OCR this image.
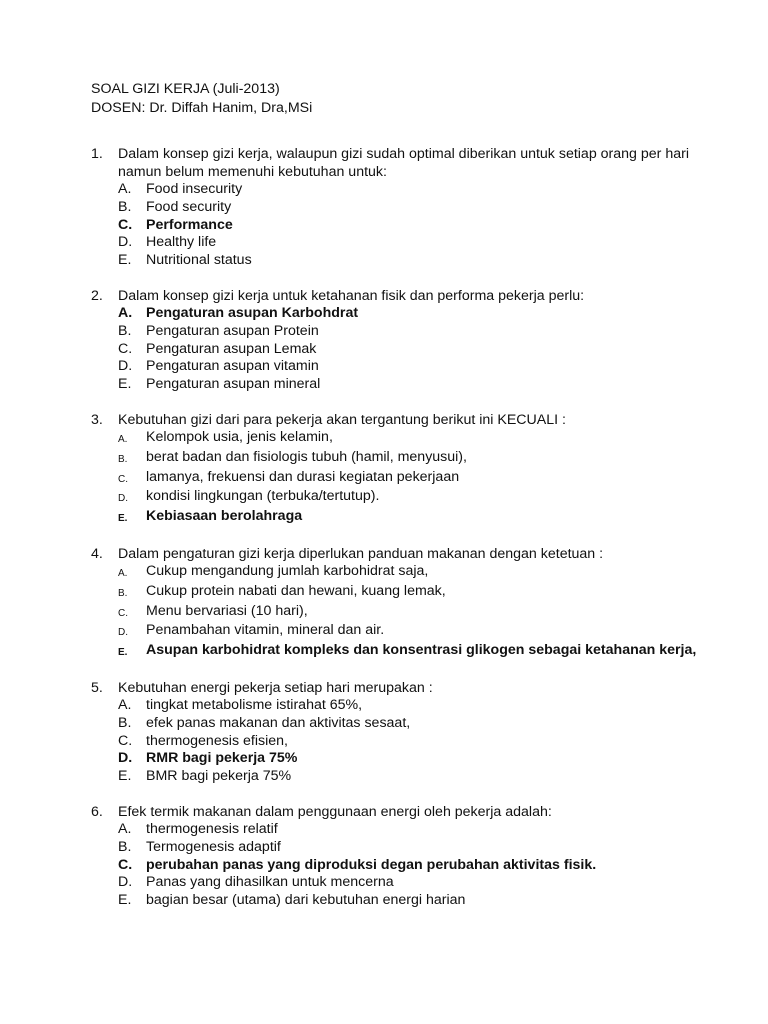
SOAL GIZI KERJA (Juli-2013)
DOSEN: Dr. Diffah Hanim, Dra,MSi
1.	Dalam konsep gizi kerja, walaupun gizi sudah optimal diberikan untuk setiap orang per hari namun belum memenuhi kebutuhan untuk:
A.	Food insecurity
B.	Food security
C. Performance
D. Healthy life
E.	Nutritional status
2.	Dalam konsep gizi kerja untuk ketahanan fisik dan performa pekerja perlu:
A. Pengaturan asupan Karbohdrat
B.	Pengaturan asupan Protein
C. Pengaturan asupan Lemak
D. Pengaturan asupan vitamin
E.	Pengaturan asupan mineral
3.	Kebutuhan gizi dari para pekerja akan tergantung berikut ini KECUALI :
A.	Kelompok usia, jenis kelamin,
B.	berat badan dan fisiologis tubuh (hamil, menyusui),
C.	lamanya, frekuensi dan durasi kegiatan pekerjaan
D.	kondisi lingkungan (terbuka/tertutup).
E.	Kebiasaan berolahraga
4.	Dalam pengaturan gizi kerja diperlukan panduan makanan dengan ketetuan :
A.	Cukup mengandung jumlah karbohidrat saja,
B.	Cukup protein nabati dan hewani, kuang lemak,
C.	Menu bervariasi (10 hari),
D.	Penambahan vitamin, mineral dan air.
E.	Asupan karbohidrat kompleks dan konsentrasi glikogen sebagai ketahanan kerja,
5.	Kebutuhan energi pekerja setiap hari merupakan :
A.	tingkat metabolisme istirahat 65%,
B.	efek panas makanan dan aktivitas sesaat,
C. thermogenesis efisien,
D. RMR bagi pekerja 75%
E.	BMR bagi pekerja 75%
6.	Efek termik makanan dalam penggunaan energi oleh pekerja adalah:
A.	thermogenesis relatif
B.	Termogenesis adaptif
C. perubahan panas yang diproduksi degan perubahan aktivitas fisik.
D. Panas yang dihasilkan untuk mencerna
E.	bagian besar (utama) dari kebutuhan energi harian
